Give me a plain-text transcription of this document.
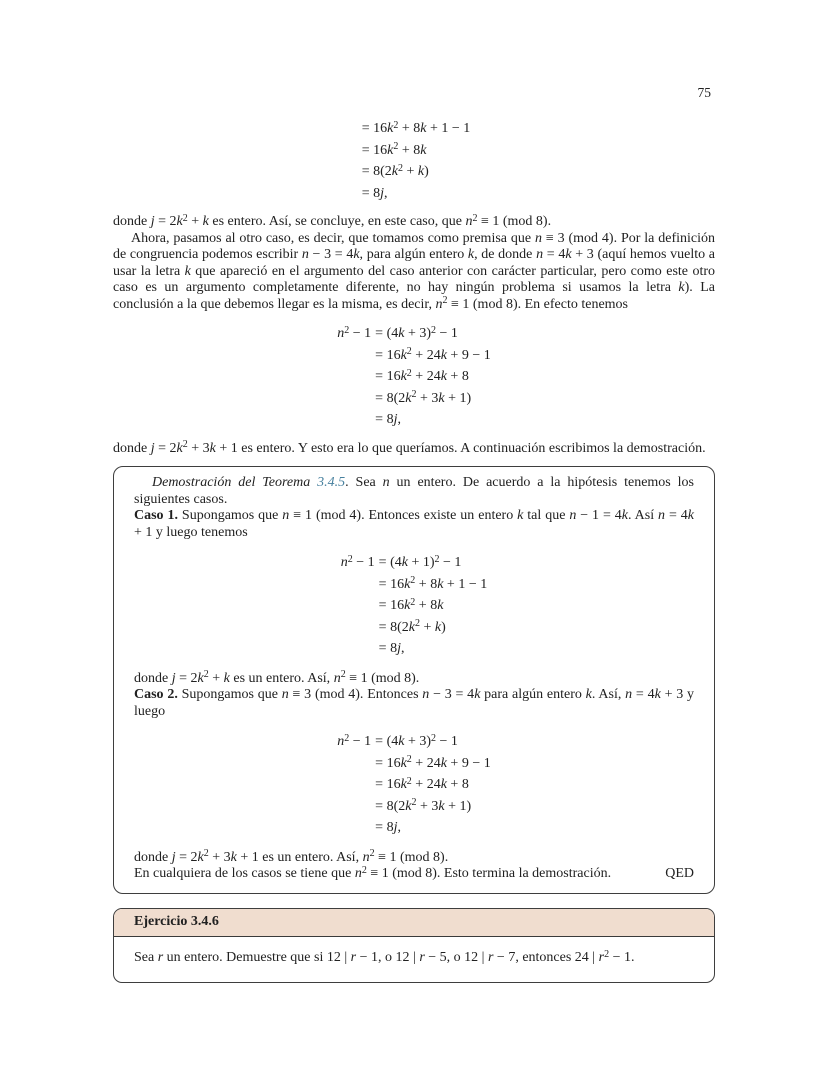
75
	= $16k^2 + 8k + 1 - 1$
	= $16k^2 + 8k$
	= $8(2k^2 + k)$
	= 8j,

donde $j = 2k^2 + k$ es entero. Así, se concluye, en este caso, que $n^2 \equiv 1$ (mod 8).

Ahora, pasamos al otro caso, es decir, que tomamos como premisa que n ≡ 3 (mod 4). Por la definición de congruencia podemos escribir n − 3 = 4k, para algún entero k, de donde n = 4k + 3 (aquí hemos vuelto a usar la letra k que apareció en el argumento del caso anterior con carácter particular, pero como este otro caso es un argumento completamente diferente, no hay ningún problema si usamos la letra k). La conclusión a la que debemos llegar es la misma, es decir, $n^2 \equiv 1$ (mod 8). En efecto tenemos

$n^2 - 1$	= $(4k + 3)^2 - 1$
	= $16k^2 + 24k + 9 - 1$
	= $16k^2 + 24k + 8$
	= $8(2k^2 + 3k + 1)$
	= 8j,

donde $j = 2k^2 + 3k + 1$ es entero. Y esto era lo que queríamos. A continuación escribimos la demostración.

Demostración del Teorema 3.4.5. Sea n un entero. De acuerdo a la hipótesis tenemos los siguientes casos.

Caso 1. Supongamos que n ≡ 1 (mod 4). Entonces existe un entero k tal que n − 1 = 4k. Así n = 4k + 1 y luego tenemos

$n^2 - 1$	= $(4k + 1)^2 - 1$
	= $16k^2 + 8k + 1 - 1$
	= $16k^2 + 8k$
	= $8(2k^2 + k)$
	= 8j,

donde $j = 2k^2 + k$ es un entero. Así, $n^2 \equiv 1$ (mod 8).

Caso 2. Supongamos que n ≡ 3 (mod 4). Entonces n − 3 = 4k para algún entero k. Así, n = 4k + 3 y luego

$n^2 - 1$	= $(4k + 3)^2 - 1$
	= $16k^2 + 24k + 9 - 1$
	= $16k^2 + 24k + 8$
	= $8(2k^2 + 3k + 1)$
	= 8j,

donde $j = 2k^2 + 3k + 1$ es un entero. Así, $n^2 \equiv 1$ (mod 8).

En cualquiera de los casos se tiene que $n^2 \equiv 1$ (mod 8). Esto termina la demostración.	QED

Ejercicio 3.4.6
Sea r un entero. Demuestre que si 12 | r − 1, o 12 | r − 5, o 12 | r − 7, entonces 24 | $r^2 - 1$.
